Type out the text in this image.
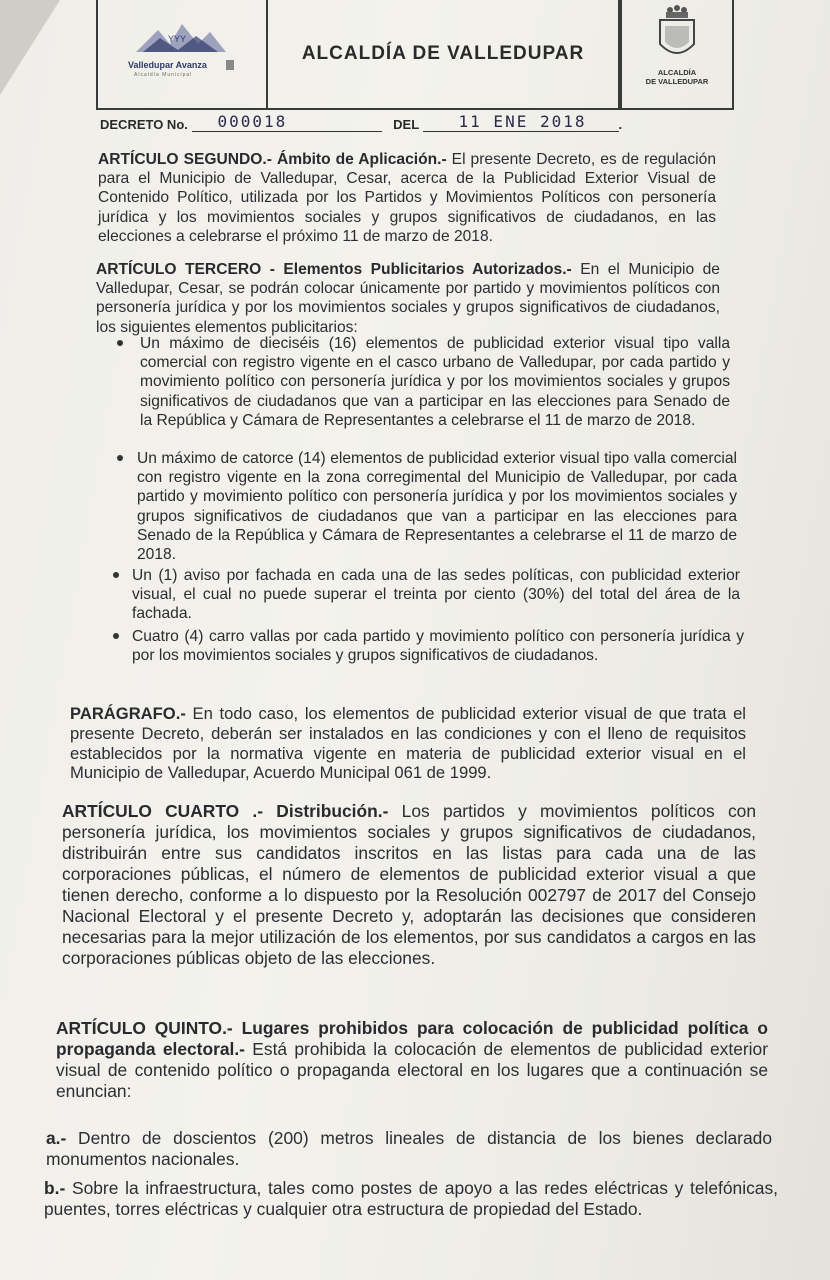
YYY
Valledupar Avanza
Alcaldía Municipal
ALCALDÍA DE VALLEDUPAR
ALCALDÍA
DE VALLEDUPAR
DECRETO No. 000018	DEL 11 ENE 2018 .
ARTÍCULO SEGUNDO.- Ámbito de Aplicación.- El presente Decreto, es de regulación para el Municipio de Valledupar, Cesar, acerca de la Publicidad Exterior Visual de Contenido Político, utilizada por los Partidos y Movimientos Políticos con personería jurídica y los movimientos sociales y grupos significativos de ciudadanos, en las elecciones a celebrarse el próximo 11 de marzo de 2018.
ARTÍCULO TERCERO - Elementos Publicitarios Autorizados.- En el Municipio de Valledupar, Cesar, se podrán colocar únicamente por partido y movimientos políticos con personería jurídica y por los movimientos sociales y grupos significativos de ciudadanos, los siguientes elementos publicitarios:
Un máximo de dieciséis (16) elementos de publicidad exterior visual tipo valla comercial con registro vigente en el casco urbano de Valledupar, por cada partido y movimiento político con personería jurídica y por los movimientos sociales y grupos significativos de ciudadanos que van a participar en las elecciones para Senado de la República y Cámara de Representantes a celebrarse el 11 de marzo de 2018.
Un máximo de catorce (14) elementos de publicidad exterior visual tipo valla comercial con registro vigente en la zona corregimental del Municipio de Valledupar, por cada partido y movimiento político con personería jurídica y por los movimientos sociales y grupos significativos de ciudadanos que van a participar en las elecciones para Senado de la República y Cámara de Representantes a celebrarse el 11 de marzo de 2018.
Un (1) aviso por fachada en cada una de las sedes políticas, con publicidad exterior visual, el cual no puede superar el treinta por ciento (30%) del total del área de la fachada.
Cuatro (4) carro vallas por cada partido y movimiento político con personería jurídica y por los movimientos sociales y grupos significativos de ciudadanos.
PARÁGRAFO.- En todo caso, los elementos de publicidad exterior visual de que trata el presente Decreto, deberán ser instalados en las condiciones y con el lleno de requisitos establecidos por la normativa vigente en materia de publicidad exterior visual en el Municipio de Valledupar, Acuerdo Municipal 061 de 1999.
ARTÍCULO CUARTO .- Distribución.- Los partidos y movimientos políticos con personería jurídica, los movimientos sociales y grupos significativos de ciudadanos, distribuirán entre sus candidatos inscritos en las listas para cada una de las corporaciones públicas, el número de elementos de publicidad exterior visual a que tienen derecho, conforme a lo dispuesto por la Resolución 002797 de 2017 del Consejo Nacional Electoral y el presente Decreto y, adoptarán las decisiones que consideren necesarias para la mejor utilización de los elementos, por sus candidatos a cargos en las corporaciones públicas objeto de las elecciones.
ARTÍCULO QUINTO.- Lugares prohibidos para colocación de publicidad política o propaganda electoral.- Está prohibida la colocación de elementos de publicidad exterior visual de contenido político o propaganda electoral en los lugares que a continuación se enuncian:
a.- Dentro de doscientos (200) metros lineales de distancia de los bienes declarado monumentos nacionales.
b.- Sobre la infraestructura, tales como postes de apoyo a las redes eléctricas y telefónicas, puentes, torres eléctricas y cualquier otra estructura de propiedad del Estado.
